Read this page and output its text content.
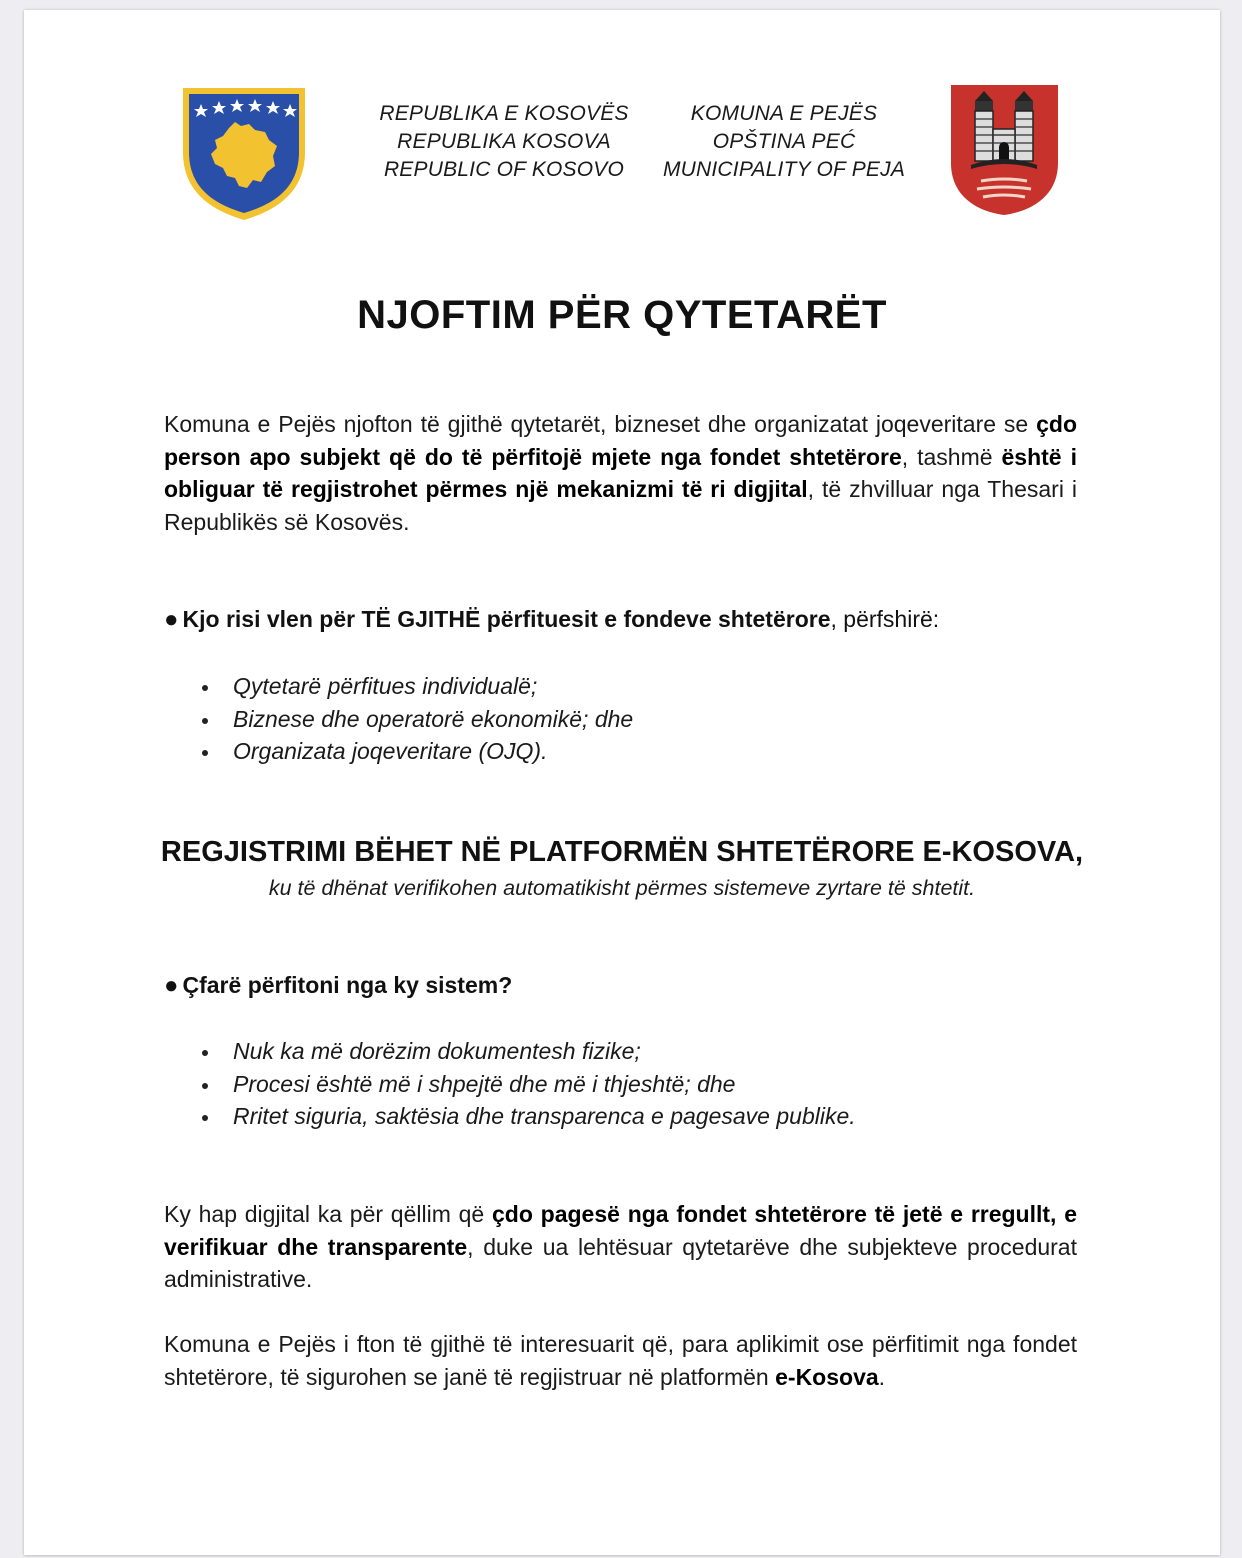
REPUBLIKA E KOSOVËS
REPUBLIKA KOSOVA
REPUBLIC OF KOSOVO
KOMUNA E PEJËS
OPŠTINA PEĆ
MUNICIPALITY OF PEJA
NJOFTIM PËR QYTETARËT

Komuna e Pejës njofton të gjithë qytetarët, bizneset dhe organizatat joqeveritare se çdo person apo subjekt që do të përfitojë mjete nga fondet shtetërore, tashmë është i obliguar të regjistrohet përmes një mekanizmi të ri digjital, të zhvilluar nga Thesari i Republikës së Kosovës.

● Kjo risi vlen për TË GJITHË përfituesit e fondeve shtetërore, përfshirë:
Qytetarë përfitues individualë;
Biznese dhe operatorë ekonomikë; dhe
Organizata joqeveritare (OJQ).
REGJISTRIMI BËHET NË PLATFORMËN SHTETËRORE E-KOSOVA,
ku të dhënat verifikohen automatikisht përmes sistemeve zyrtare të shtetit.
● Çfarë përfitoni nga ky sistem?
Nuk ka më dorëzim dokumentesh fizike;
Procesi është më i shpejtë dhe më i thjeshtë; dhe
Rritet siguria, saktësia dhe transparenca e pagesave publike.

Ky hap digjital ka për qëllim që çdo pagesë nga fondet shtetërore të jetë e rregullt, e verifikuar dhe transparente, duke ua lehtësuar qytetarëve dhe subjekteve procedurat administrative.

Komuna e Pejës i fton të gjithë të interesuarit që, para aplikimit ose përfitimit nga fondet shtetërore, të sigurohen se janë të regjistruar në platformën e-Kosova.
